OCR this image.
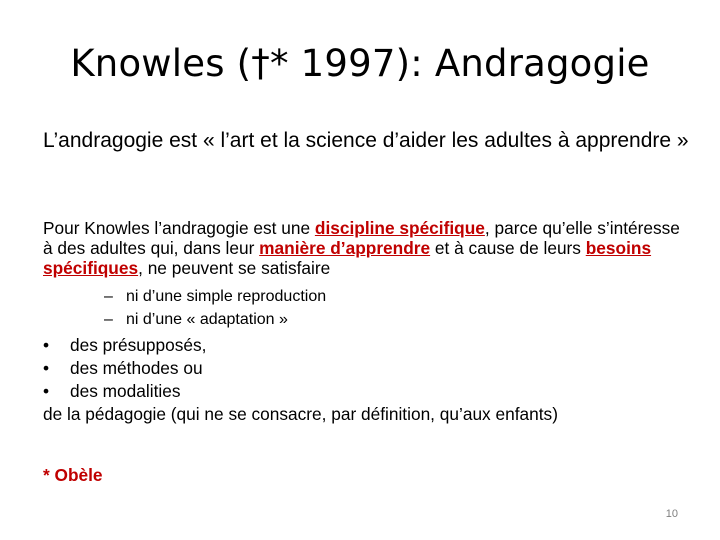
Knowles (†* 1997): Andragogie
L’andragogie est « l’art et la science d’aider les adultes à apprendre »
Pour Knowles l’andragogie est une discipline spécifique, parce qu’elle s’intéresse à des adultes qui, dans leur manière d’apprendre et à cause de leurs besoins spécifiques, ne peuvent se satisfaire
– ni d’une simple reproduction
– ni d’une « adaptation »
• des présupposés,
• des méthodes ou
• des modalities
de la pédagogie (qui ne se consacre, par définition, qu’aux enfants)
* Obèle
10
